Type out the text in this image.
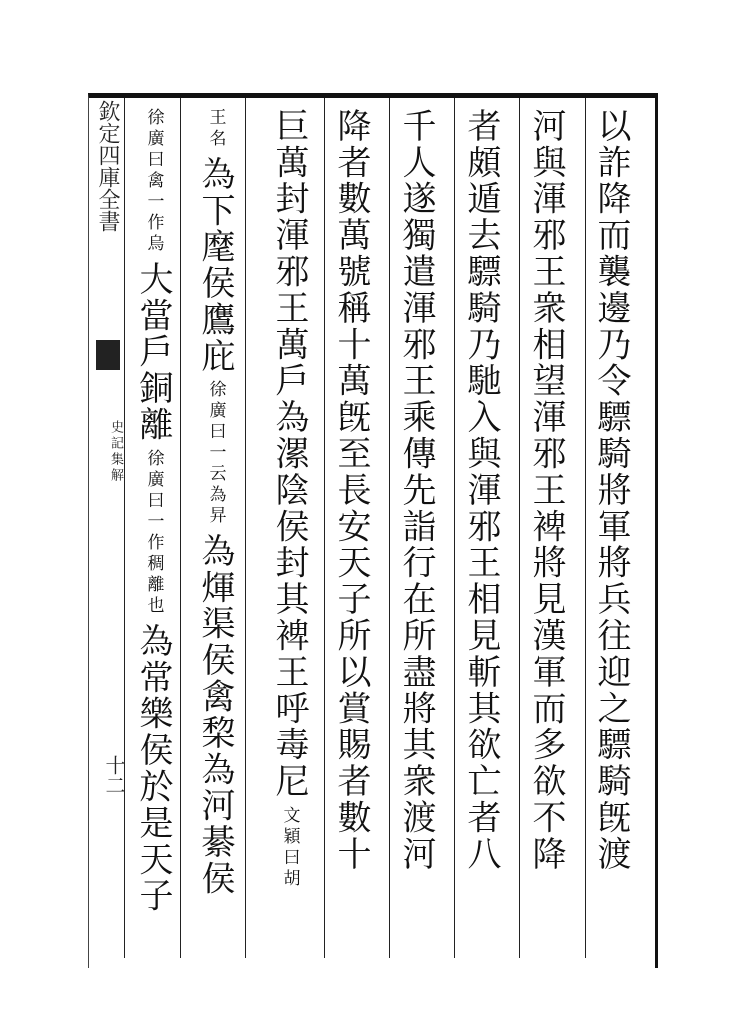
欽定四庫全書
史記集解
十二	以詐降而襲邊乃令驃騎將軍將兵往迎之驃騎旣渡
河與渾邪王衆相望渾邪王裨將見漢軍而多欲不降
者頗遁去驃騎乃馳入與渾邪王相見斬其欲亡者八
千人遂獨遣渾邪王乘傳先詣行在所盡將其衆渡河
降者數萬號稱十萬旣至長安天子所以賞賜者數十
巨萬封渾邪王萬戶為漯陰侯封其裨王呼毒尼
文穎曰胡
王名
為下麾侯鷹庇
徐廣曰一云為㫒
為煇渠侯禽棃為河綦侯
徐廣曰禽一作烏
大當戶銅離
徐廣曰一作稠離也
為常樂侯於是天子
